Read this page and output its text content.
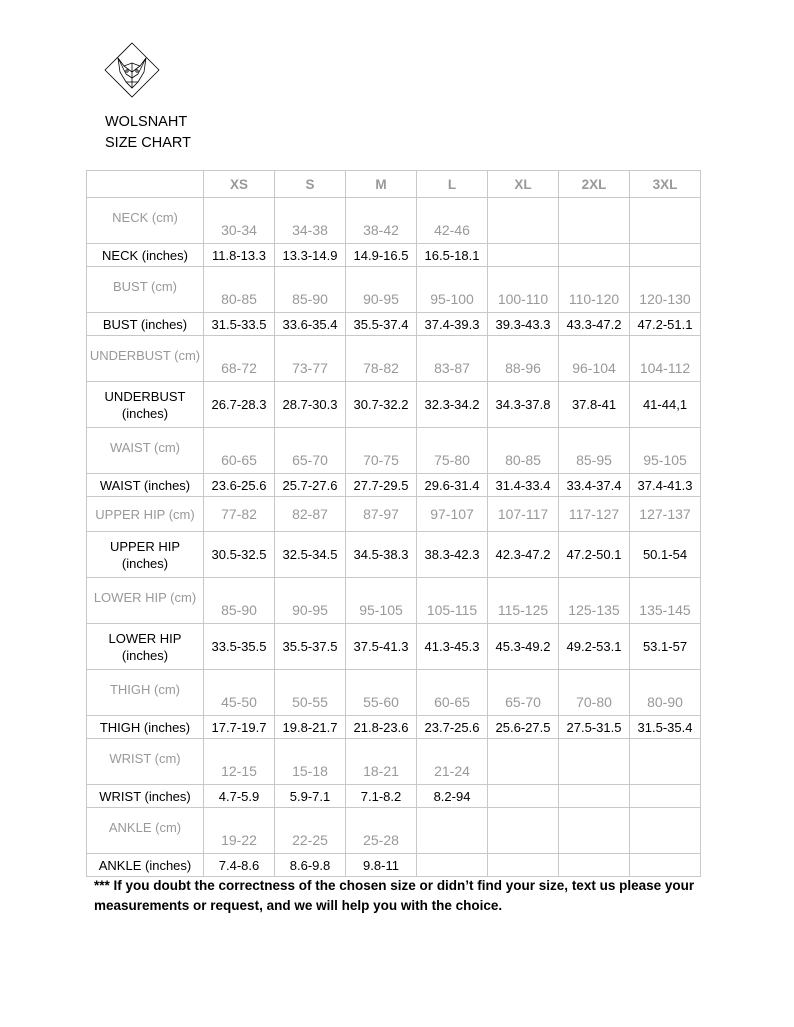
WOLSNAHT
SIZE CHART
	XS	S	M	L	XL	2XL	3XL
NECK (cm)	30-34	34-38	38-42	42-46			
NECK (inches)	11.8-13.3	13.3-14.9	14.9-16.5	16.5-18.1			
BUST (cm)	80-85	85-90	90-95	95-100	100-110	110-120	120-130
BUST (inches)	31.5-33.5	33.6-35.4	35.5-37.4	37.4-39.3	39.3-43.3	43.3-47.2	47.2-51.1
UNDERBUST (cm)	68-72	73-77	78-82	83-87	88-96	96-104	104-112
UNDERBUST (inches)	26.7-28.3	28.7-30.3	30.7-32.2	32.3-34.2	34.3-37.8	37.8-41	41-44,1
WAIST (cm)	60-65	65-70	70-75	75-80	80-85	85-95	95-105
WAIST (inches)	23.6-25.6	25.7-27.6	27.7-29.5	29.6-31.4	31.4-33.4	33.4-37.4	37.4-41.3
UPPER HIP (cm)	77-82	82-87	87-97	97-107	107-117	117-127	127-137
UPPER HIP (inches)	30.5-32.5	32.5-34.5	34.5-38.3	38.3-42.3	42.3-47.2	47.2-50.1	50.1-54
LOWER HIP (cm)	85-90	90-95	95-105	105-115	115-125	125-135	135-145
LOWER HIP (inches)	33.5-35.5	35.5-37.5	37.5-41.3	41.3-45.3	45.3-49.2	49.2-53.1	53.1-57
THIGH (cm)	45-50	50-55	55-60	60-65	65-70	70-80	80-90
THIGH (inches)	17.7-19.7	19.8-21.7	21.8-23.6	23.7-25.6	25.6-27.5	27.5-31.5	31.5-35.4
WRIST (cm)	12-15	15-18	18-21	21-24			
WRIST (inches)	4.7-5.9	5.9-7.1	7.1-8.2	8.2-94			
ANKLE (cm)	19-22	22-25	25-28				
ANKLE (inches)	7.4-8.6	8.6-9.8	9.8-11				
*** If you doubt the correctness of the chosen size or didn’t find your size, text us please your measurements or request, and we will help you with the choice.
